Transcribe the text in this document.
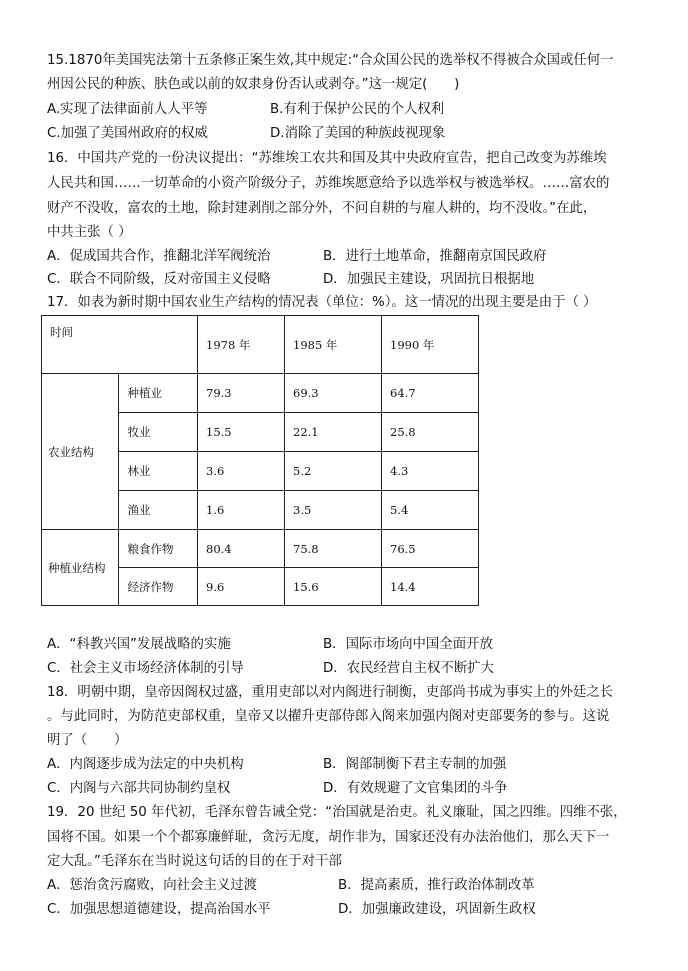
15.1870年美国宪法第十五条修正案生效,其中规定:“合众国公民的选举权不得被合众国或任何一
州因公民的种族、肤色或以前的奴隶身份否认或剥夺。”这一规定(　　)
A.实现了法律面前人人平等	B.有利于保护公民的个人权利
C.加强了美国州政府的权威	D.消除了美国的种族歧视现象
16．中国共产党的一份决议提出：“苏维埃工农共和国及其中央政府宣告，把自己改变为苏维埃
人民共和国……一切革命的小资产阶级分子，苏维埃愿意给予以选举权与被选举权。……富农的
财产不没收，富农的土地，除封建剥削之部分外，不问自耕的与雇人耕的，均不没收。”在此，
中共主张（ ）
A．促成国共合作，推翻北洋军阀统治	B．进行土地革命，推翻南京国民政府
C．联合不同阶级，反对帝国主义侵略	D．加强民主建设，巩固抗日根据地
17．如表为新时期中国农业生产结构的情况表（单位：%）。这一情况的出现主要是由于（ ）
时间		1978 年	1985 年	1990 年
农业结构	种植业	79.3	69.3	64.7
	牧业	15.5	22.1	25.8
	林业	3.6	5.2	4.3
	渔业	1.6	3.5	5.4
种植业结构	粮食作物	80.4	75.8	76.5
	经济作物	9.6	15.6	14.4
A．“科教兴国”发展战略的实施	B．国际市场向中国全面开放
C．社会主义市场经济体制的引导	D．农民经营自主权不断扩大
18．明朝中期，皇帝因阁权过盛，重用吏部以对内阁进行制衡，吏部尚书成为事实上的外廷之长
。与此同时，为防范吏部权重，皇帝又以擢升吏部侍郎入阁来加强内阁对吏部要务的参与。这说
明了（　　）
A．内阁逐步成为法定的中央机构	B．阁部制衡下君主专制的加强
C．内阁与六部共同协制约皇权	D．有效规避了文官集团的斗争
19．20 世纪 50 年代初，毛泽东曾告诫全党：“治国就是治吏。礼义廉耻，国之四维。四维不张，
国将不国。如果一个个都寡廉鲜耻，贪污无度，胡作非为，国家还没有办法治他们，那么天下一
定大乱。”毛泽东在当时说这句话的目的在于对干部
A．惩治贪污腐败，向社会主义过渡	B．提高素质，推行政治体制改革
C．加强思想道德建设，提高治国水平	D．加强廉政建设，巩固新生政权
